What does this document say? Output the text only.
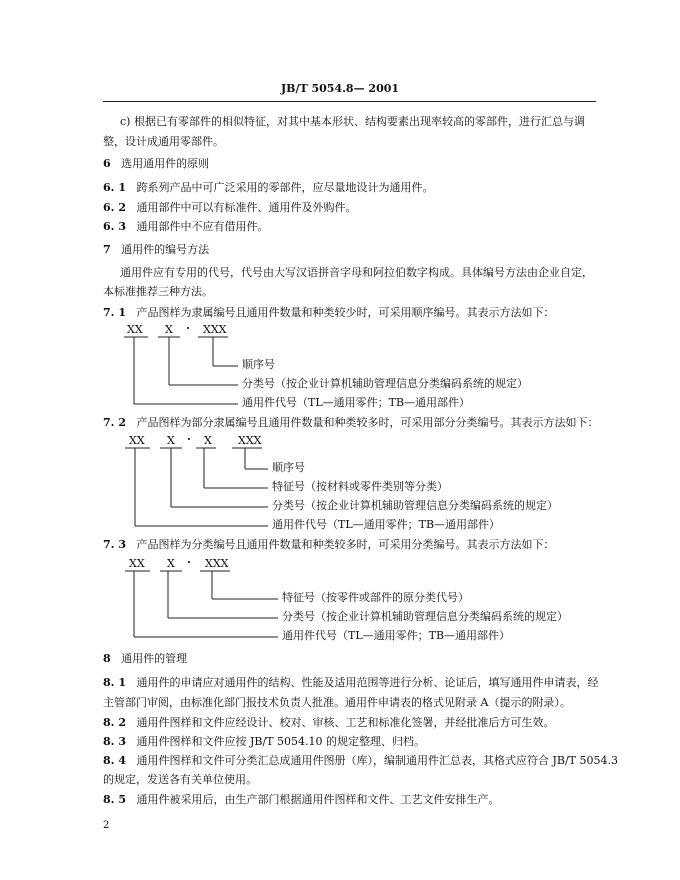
JB/T 5054.8— 2001
c) 根据已有零部件的相似特征，对其中基本形状、结构要素出现率较高的零部件，进行汇总与调
整，设计成通用零部件。
6 选用通用件的原则
6. 1 跨系列产品中可广泛采用的零部件，应尽量地设计为通用件。
6. 2 通用部件中可以有标准件、通用件及外购件。
6. 3 通用部件中不应有借用件。
7 通用件的编号方法
通用件应有专用的代号，代号由大写汉语拼音字母和阿拉伯数字构成。具体编号方法由企业自定，
本标准推荐三种方法。
7. 1 产品图样为隶属编号且通用件数量和种类较少时，可采用顺序编号。其表示方法如下：
XX X · XXX
顺序号
分类号（按企业计算机辅助管理信息分类编码系统的规定）
通用件代号（TL—通用零件；TB—通用部件）
7. 2 产品图样为部分隶属编号且通用件数量和种类较多时，可采用部分分类编号。其表示方法如下：
XX X · X XXX
顺序号
特征号（按材料或零件类别等分类）
分类号（按企业计算机辅助管理信息分类编码系统的规定）
通用件代号（TL—通用零件；TB—通用部件）
7. 3 产品图样为分类编号且通用件数量和种类较多时，可采用分类编号。其表示方法如下：
XX X · XXX
特征号（按零件或部件的原分类代号）
分类号（按企业计算机辅助管理信息分类编码系统的规定）
通用件代号（TL—通用零件；TB—通用部件）
8 通用件的管理
8. 1 通用件的申请应对通用件的结构、性能及适用范围等进行分析、论证后，填写通用件申请表，经
主管部门审阅，由标准化部门报技术负责人批准。通用件申请表的格式见附录 A（提示的附录）。
8. 2 通用件图样和文件应经设计、校对、审核、工艺和标准化签署，并经批准后方可生效。
8. 3 通用件图样和文件应按 JB/T 5054.10 的规定整理、归档。
8. 4 通用件图样和文件可分类汇总成通用件图册（库），编制通用件汇总表，其格式应符合 JB/T 5054.3
的规定，发送各有关单位使用。
8. 5 通用件被采用后，由生产部门根据通用件图样和文件、工艺文件安排生产。
2
